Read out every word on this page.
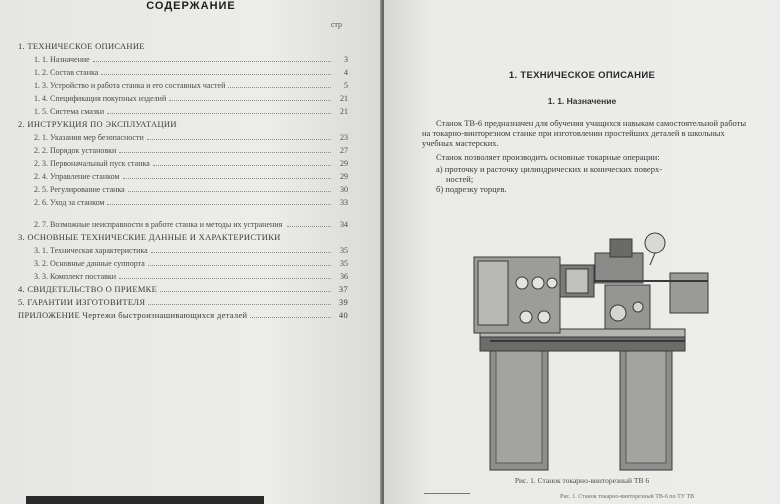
СОДЕРЖАНИЕ
стр
1. ТЕХНИЧЕСКОЕ ОПИСАНИЕ
1. 1. Назначение	3
1. 2. Состав станка	4
1. 3. Устройство и работа станка и его составных частей	5
1. 4. Спецификация покупных изделий	21
1. 5. Система смазки	21
2. ИНСТРУКЦИЯ ПО ЭКСПЛУАТАЦИИ
2. 1. Указания мер безопасности	23
2. 2. Порядок установки	27
2. 3. Первоначальный пуск станка	29
2. 4. Управление станком	29
2. 5. Регулирование станка	30
2. 6. Уход за станком	33
2. 7. Возможные неисправности в работе станка и методы их устранения	34
3. ОСНОВНЫЕ ТЕХНИЧЕСКИЕ ДАННЫЕ И ХАРАКТЕРИСТИКИ
3. 1. Техническая характеристика	35
3. 2. Основные данные суппорта	35
3. 3. Комплект поставки	36
4. СВИДЕТЕЛЬСТВО О ПРИЕМКЕ	37
5. ГАРАНТИИ ИЗГОТОВИТЕЛЯ	39
ПРИЛОЖЕНИЕ Чертежи быстроизнашивающихся деталей	40
1. ТЕХНИЧЕСКОЕ ОПИСАНИЕ
1. 1. Назначение
Станок ТВ-6 предназначен для обучения учащихся навыкам самостоятельной работы на токарно-винторезном станке при изготовлении простейших деталей в школьных учебных мастерских.
Станок позволяет производить основные токарные операции:
а) проточку и расточку цилиндрических и конических поверх-
ностей;
б) подрезку торцев.
Рис. 1. Станок токарно-винторезный ТВ 6
Рис. 1. Станок токарно-винторезный ТВ-6 по ТУ ТВ
